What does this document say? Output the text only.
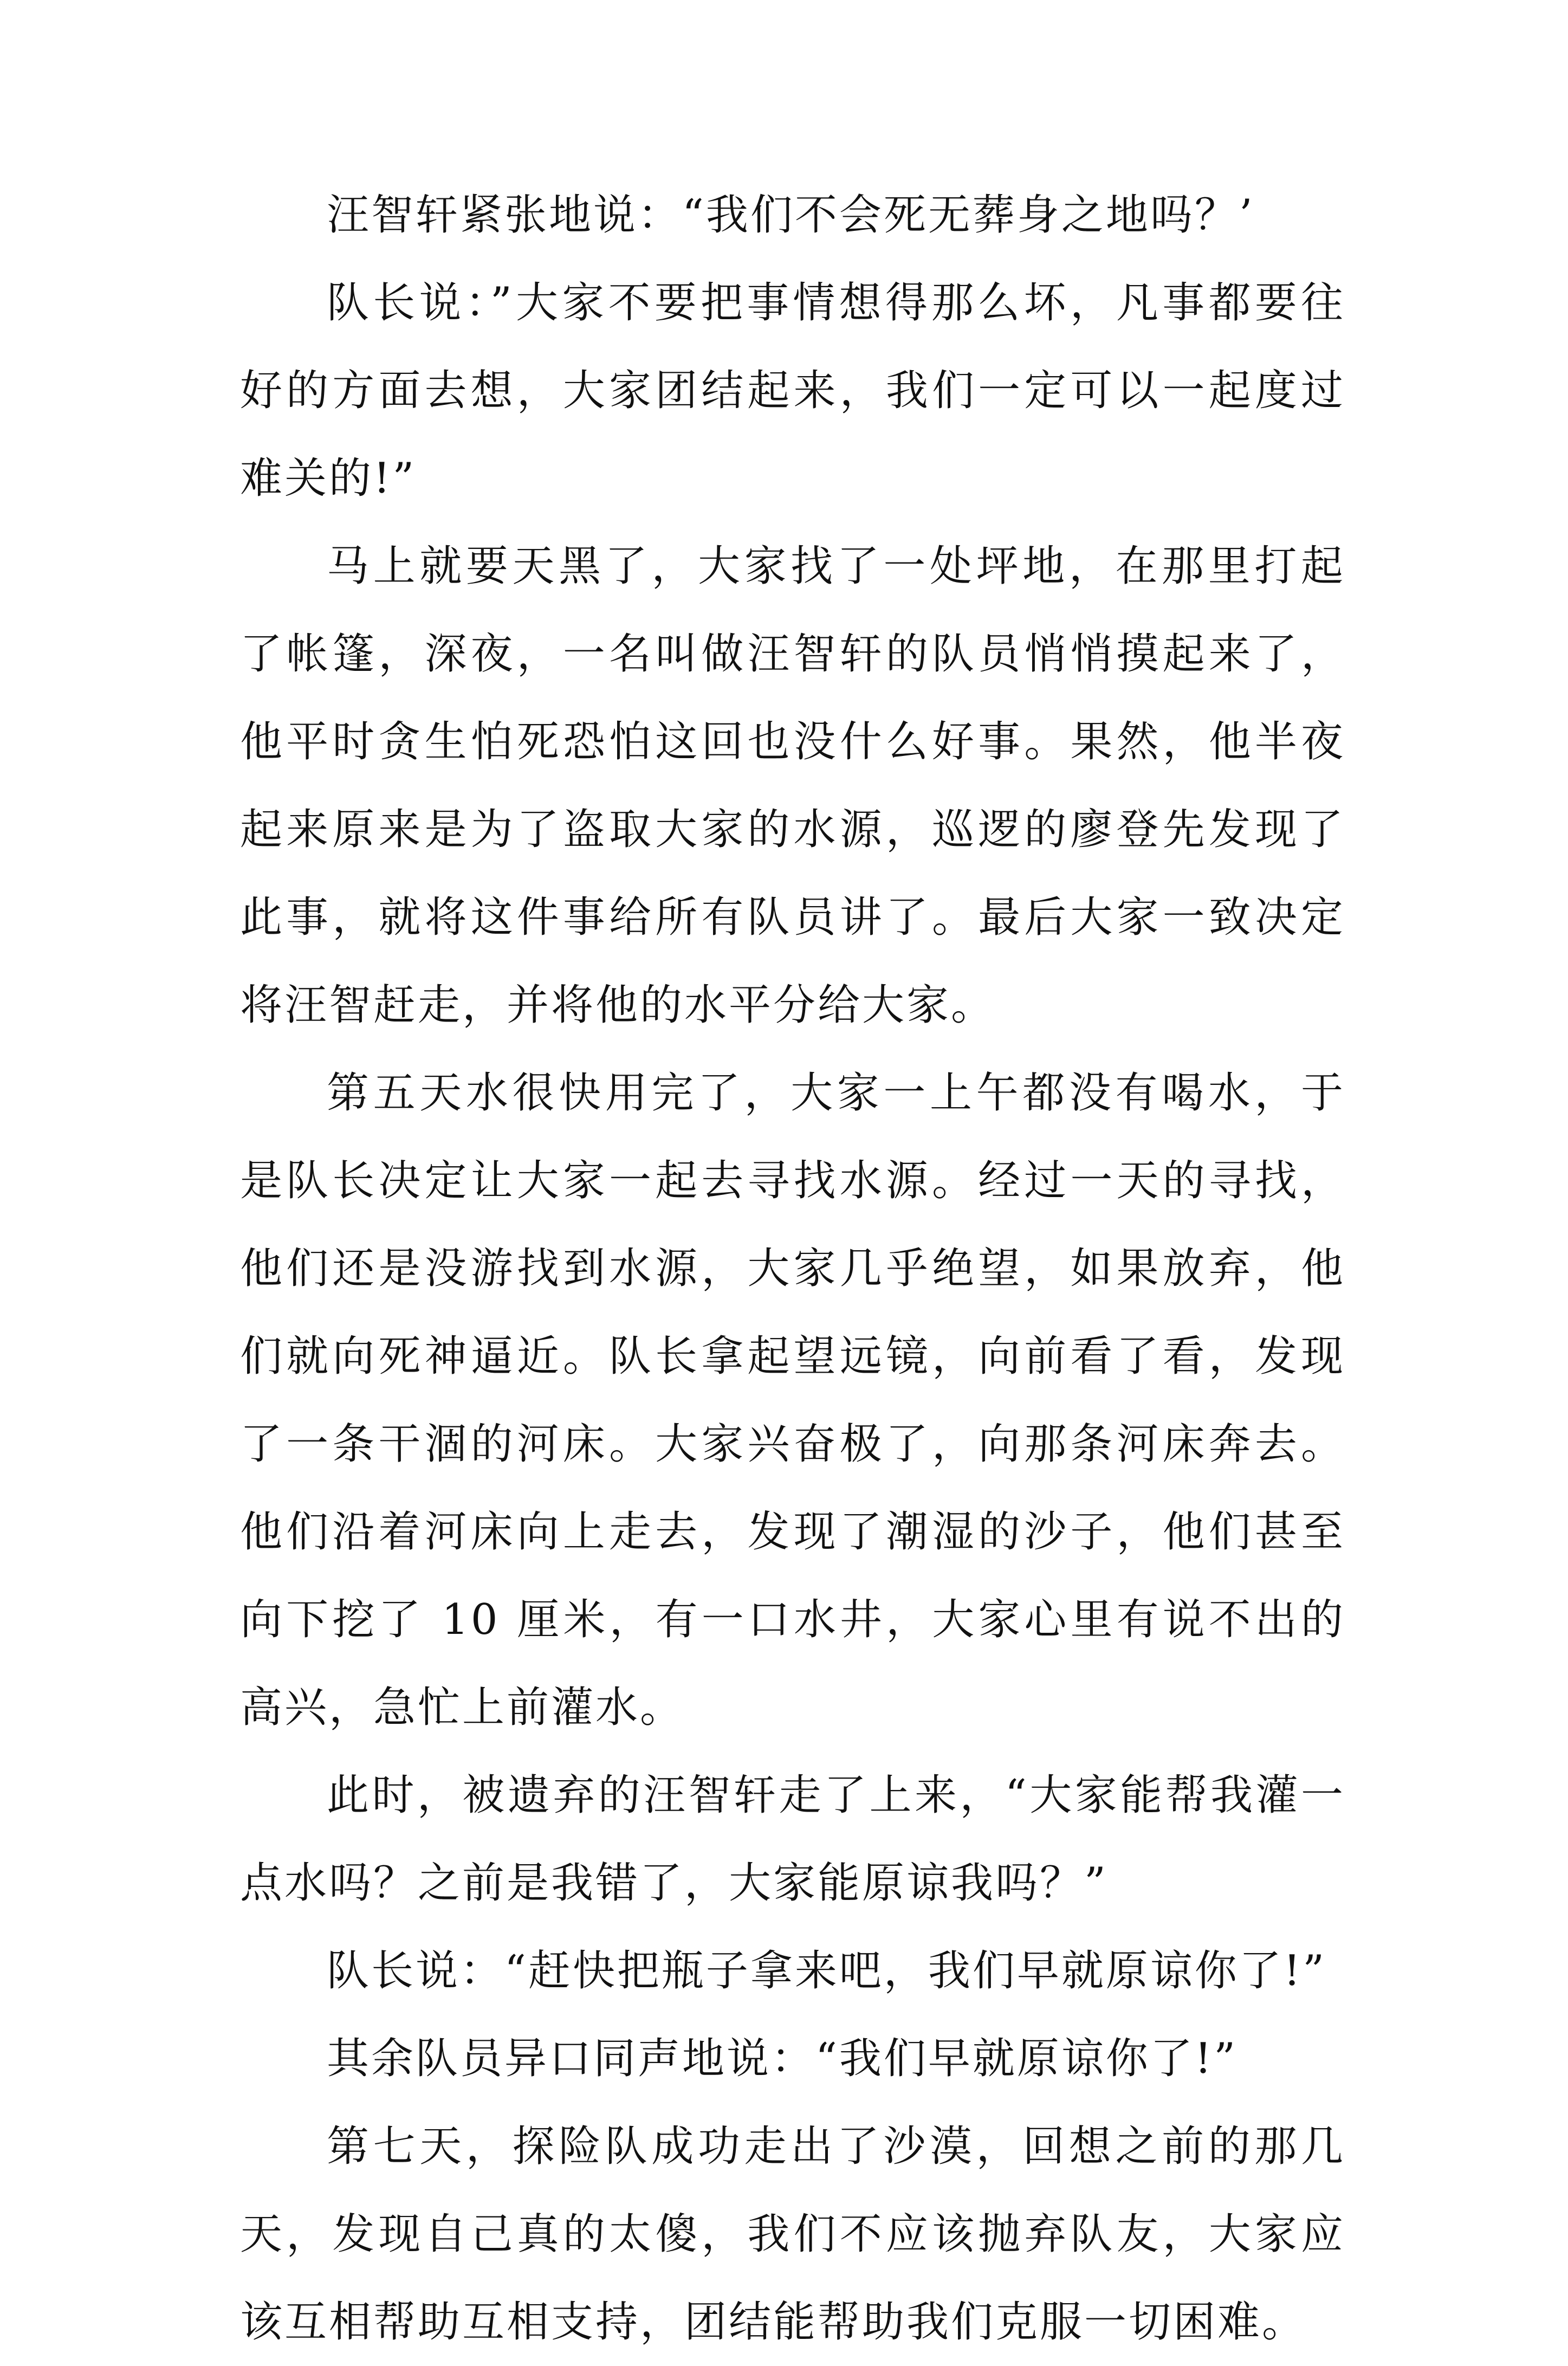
汪智轩紧张地说：“我们不会死无葬身之地吗？’

队长说：”大家不要把事情想得那么坏，凡事都要往好的方面去想，大家团结起来，我们一定可以一起度过难关的!”

马上就要天黑了，大家找了一处坪地，在那里打起了帐篷，深夜，一名叫做汪智轩的队员悄悄摸起来了，他平时贪生怕死恐怕这回也没什么好事。果然，他半夜起来原来是为了盗取大家的水源，巡逻的廖登先发现了此事，就将这件事给所有队员讲了。最后大家一致决定将汪智赶走，并将他的水平分给大家。

第五天水很快用完了，大家一上午都没有喝水，于是队长决定让大家一起去寻找水源。经过一天的寻找，他们还是没游找到水源，大家几乎绝望，如果放弃，他们就向死神逼近。队长拿起望远镜，向前看了看，发现了一条干涸的河床。大家兴奋极了，向那条河床奔去。他们沿着河床向上走去，发现了潮湿的沙子，他们甚至向下挖了 10 厘米，有一口水井，大家心里有说不出的高兴，急忙上前灌水。

此时，被遗弃的汪智轩走了上来，“大家能帮我灌一点水吗？之前是我错了，大家能原谅我吗？”

队长说：“赶快把瓶子拿来吧，我们早就原谅你了!”

其余队员异口同声地说：“我们早就原谅你了!”

第七天，探险队成功走出了沙漠，回想之前的那几天，发现自己真的太傻，我们不应该抛弃队友，大家应该互相帮助互相支持，团结能帮助我们克服一切困难。
